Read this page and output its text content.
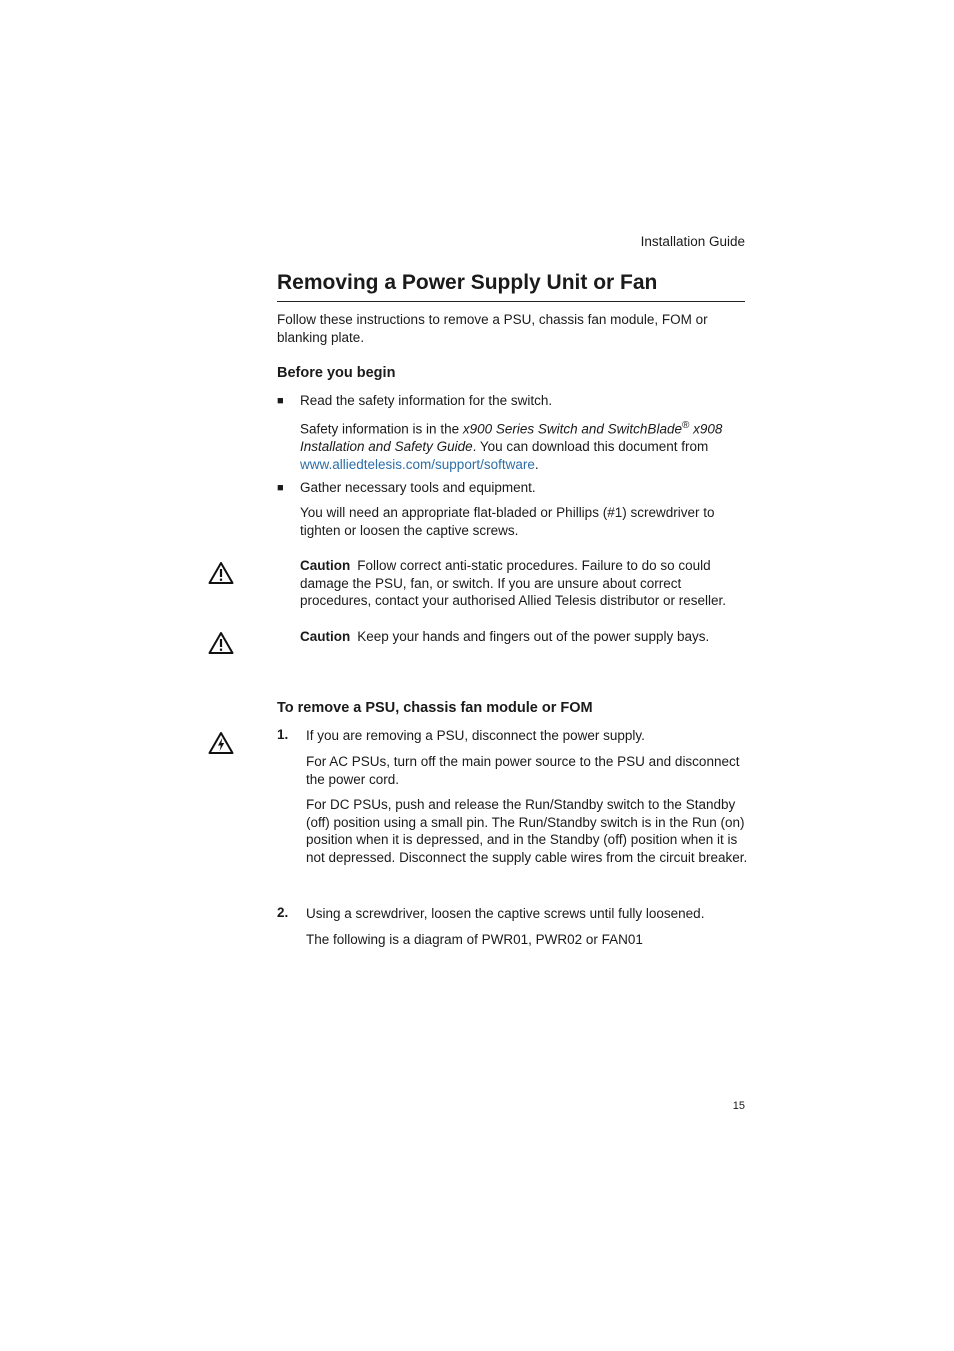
Installation Guide
Removing a Power Supply Unit or Fan

Follow these instructions to remove a PSU, chassis fan module, FOM or blanking plate.

Before you begin
■ Read the safety information for the switch.

Safety information is in the x900 Series Switch and SwitchBlade® x908 Installation and Safety Guide. You can download this document from www.alliedtelesis.com/support/software.

■ Gather necessary tools and equipment.

You will need an appropriate flat-bladed or Phillips (#1) screwdriver to tighten or loosen the captive screws.

Caution Follow correct anti-static procedures. Failure to do so could damage the PSU, fan, or switch. If you are unsure about correct procedures, contact your authorised Allied Telesis distributor or reseller.

Caution Keep your hands and fingers out of the power supply bays.

To remove a PSU, chassis fan module or FOM
1. If you are removing a PSU, disconnect the power supply.

For AC PSUs, turn off the main power source to the PSU and disconnect the power cord.

For DC PSUs, push and release the Run/Standby switch to the Standby (off) position using a small pin. The Run/Standby switch is in the Run (on) position when it is depressed, and in the Standby (off) position when it is not depressed. Disconnect the supply cable wires from the circuit breaker.

2. Using a screwdriver, loosen the captive screws until fully loosened.

The following is a diagram of PWR01, PWR02 or FAN01

15
